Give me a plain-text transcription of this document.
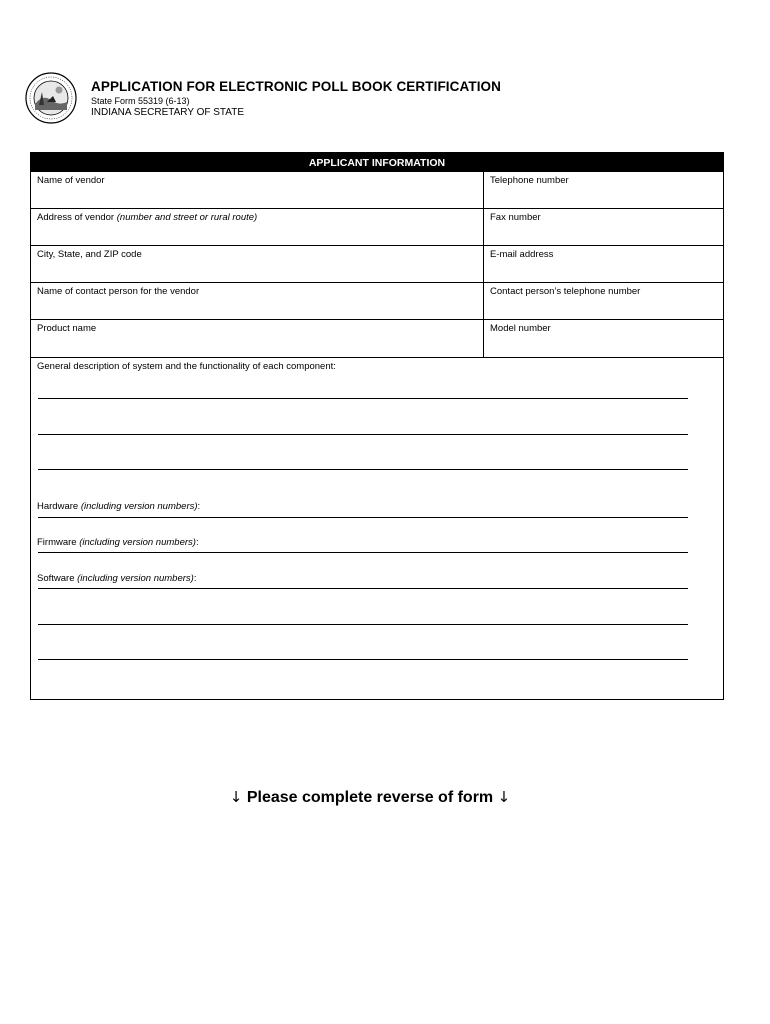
APPLICATION FOR ELECTRONIC POLL BOOK CERTIFICATION
State Form 55319 (6-13)
INDIANA SECRETARY OF STATE
APPLICANT INFORMATION
Name of vendor	Telephone number
Address of vendor (number and street or rural route)	Fax number
City, State, and ZIP code	E-mail address
Name of contact person for the vendor	Contact person’s telephone number
Product name	Model number
General description of system and the functionality of each component:
Hardware (including version numbers):
Firmware (including version numbers):
Software (including version numbers):
↓ Please complete reverse of form ↓
